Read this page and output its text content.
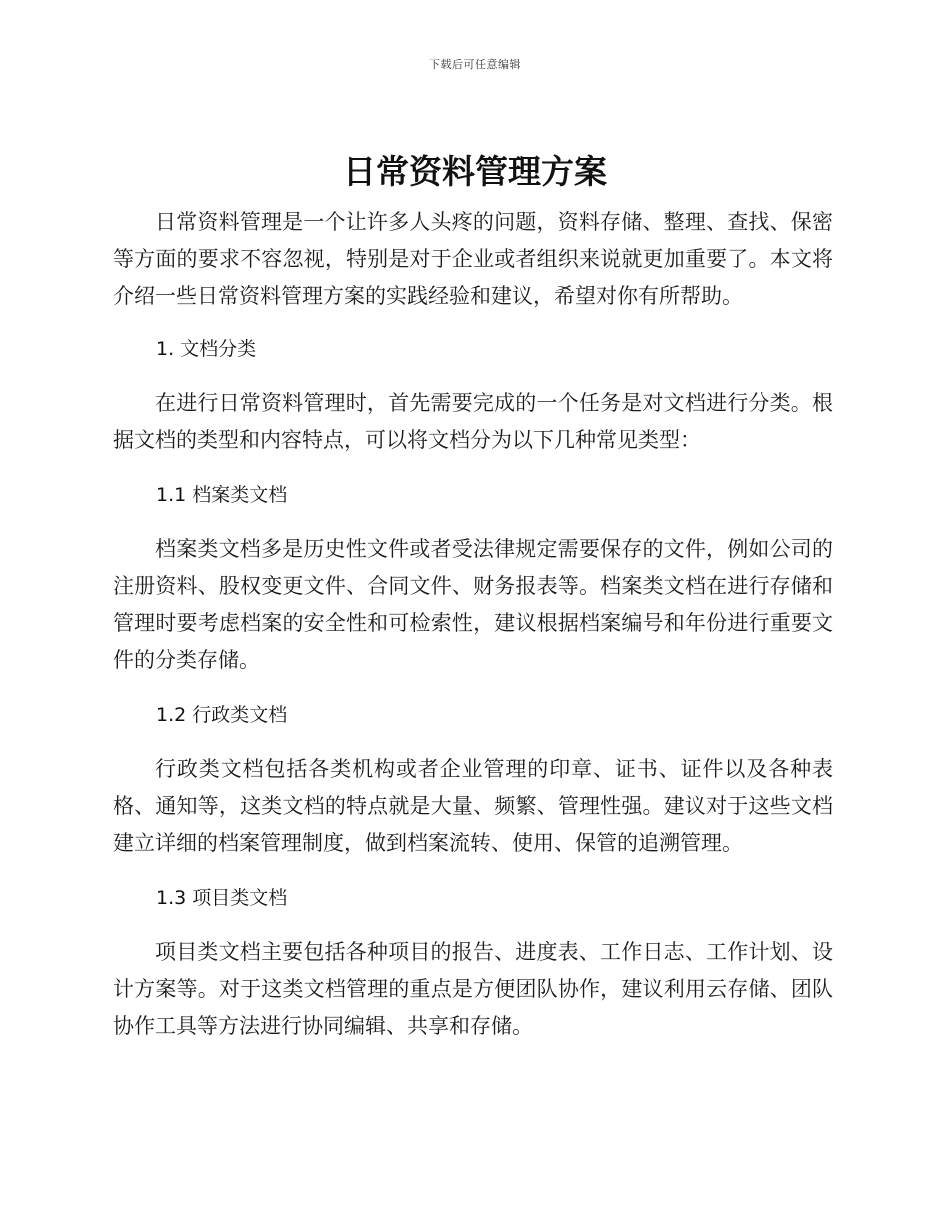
下载后可任意编辑
日常资料管理方案

日常资料管理是一个让许多人头疼的问题，资料存储、整理、查找、保密等方面的要求不容忽视，特别是对于企业或者组织来说就更加重要了。本文将介绍一些日常资料管理方案的实践经验和建议，希望对你有所帮助。

1. 文档分类

在进行日常资料管理时，首先需要完成的一个任务是对文档进行分类。根据文档的类型和内容特点，可以将文档分为以下几种常见类型：

1.1 档案类文档

档案类文档多是历史性文件或者受法律规定需要保存的文件，例如公司的注册资料、股权变更文件、合同文件、财务报表等。档案类文档在进行存储和管理时要考虑档案的安全性和可检索性，建议根据档案编号和年份进行重要文件的分类存储。

1.2 行政类文档

行政类文档包括各类机构或者企业管理的印章、证书、证件以及各种表格、通知等，这类文档的特点就是大量、频繁、管理性强。建议对于这些文档建立详细的档案管理制度，做到档案流转、使用、保管的追溯管理。

1.3 项目类文档

项目类文档主要包括各种项目的报告、进度表、工作日志、工作计划、设计方案等。对于这类文档管理的重点是方便团队协作，建议利用云存储、团队协作工具等方法进行协同编辑、共享和存储。
